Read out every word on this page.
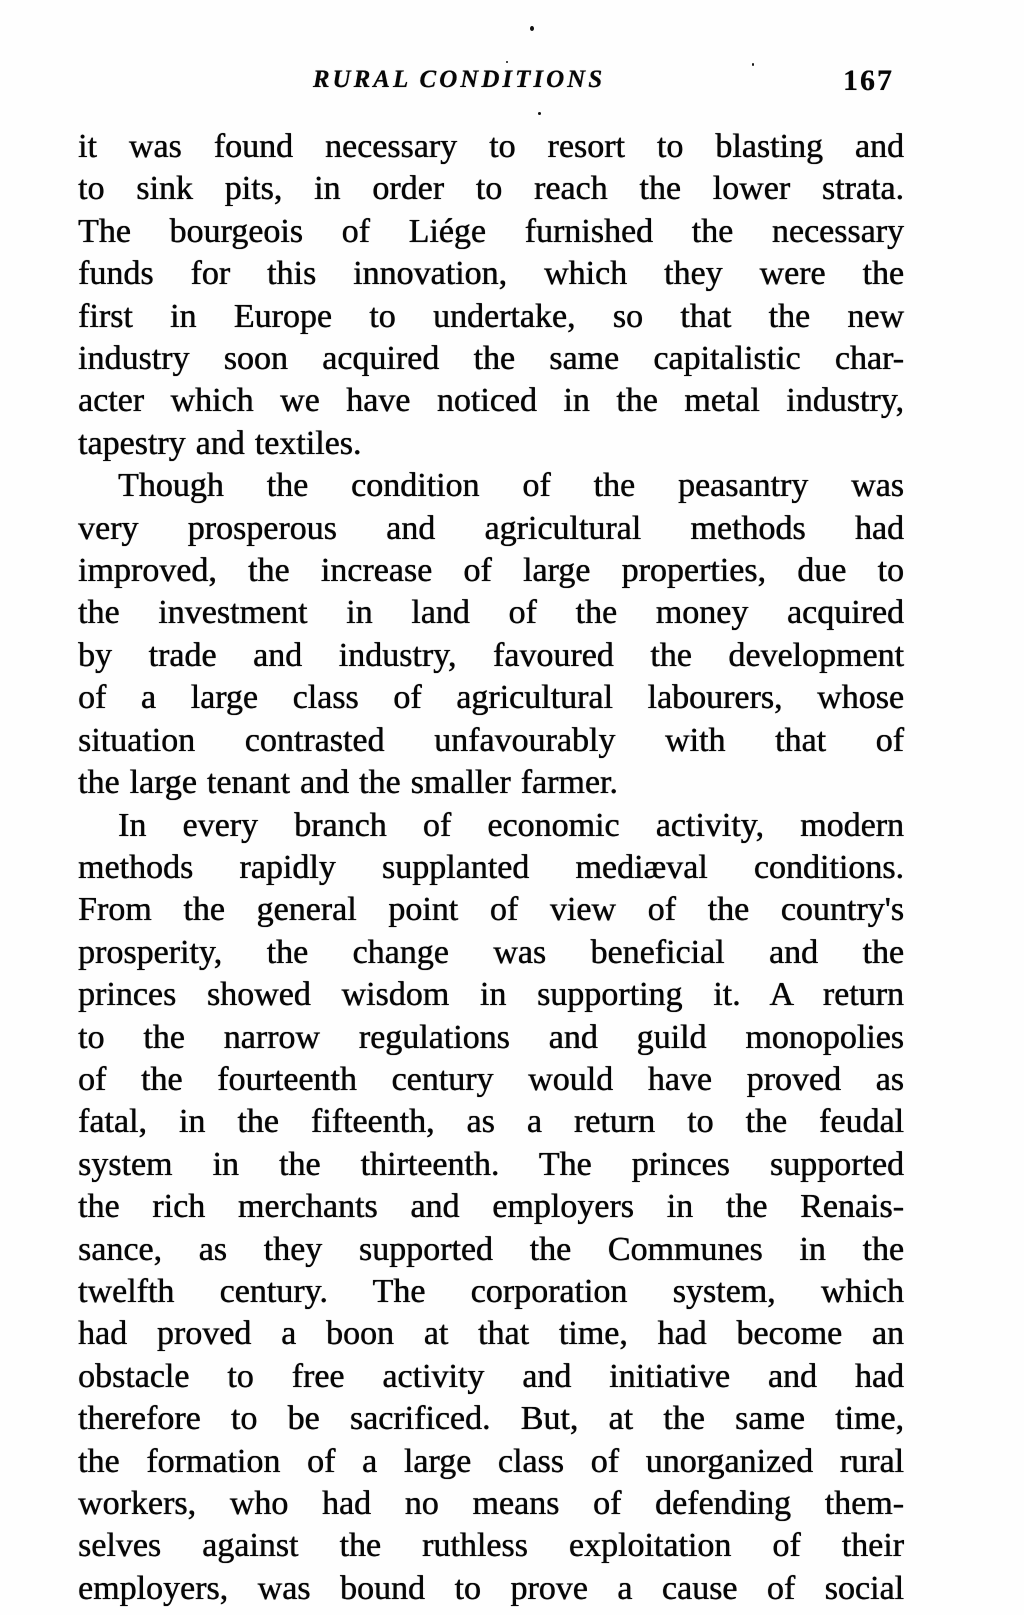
RURAL CONDITIONS	167
it was found necessary to resort to blasting and
to sink pits, in order to reach the lower strata.
The bourgeois of Liége furnished the necessary
funds for this innovation, which they were the
first in Europe to undertake, so that the new
industry soon acquired the same capitalistic char-
acter which we have noticed in the metal industry,
tapestry and textiles.
Though the condition of the peasantry was
very prosperous and agricultural methods had
improved, the increase of large properties, due to
the investment in land of the money acquired
by trade and industry, favoured the development
of a large class of agricultural labourers, whose
situation contrasted unfavourably with that of
the large tenant and the smaller farmer.
In every branch of economic activity, modern
methods rapidly supplanted mediæval conditions.
From the general point of view of the country's
prosperity, the change was beneficial and the
princes showed wisdom in supporting it. A return
to the narrow regulations and guild monopolies
of the fourteenth century would have proved as
fatal, in the fifteenth, as a return to the feudal
system in the thirteenth. The princes supported
the rich merchants and employers in the Renais-
sance, as they supported the Communes in the
twelfth century. The corporation system, which
had proved a boon at that time, had become an
obstacle to free activity and initiative and had
therefore to be sacrificed. But, at the same time,
the formation of a large class of unorganized rural
workers, who had no means of defending them-
selves against the ruthless exploitation of their
employers, was bound to prove a cause of social
